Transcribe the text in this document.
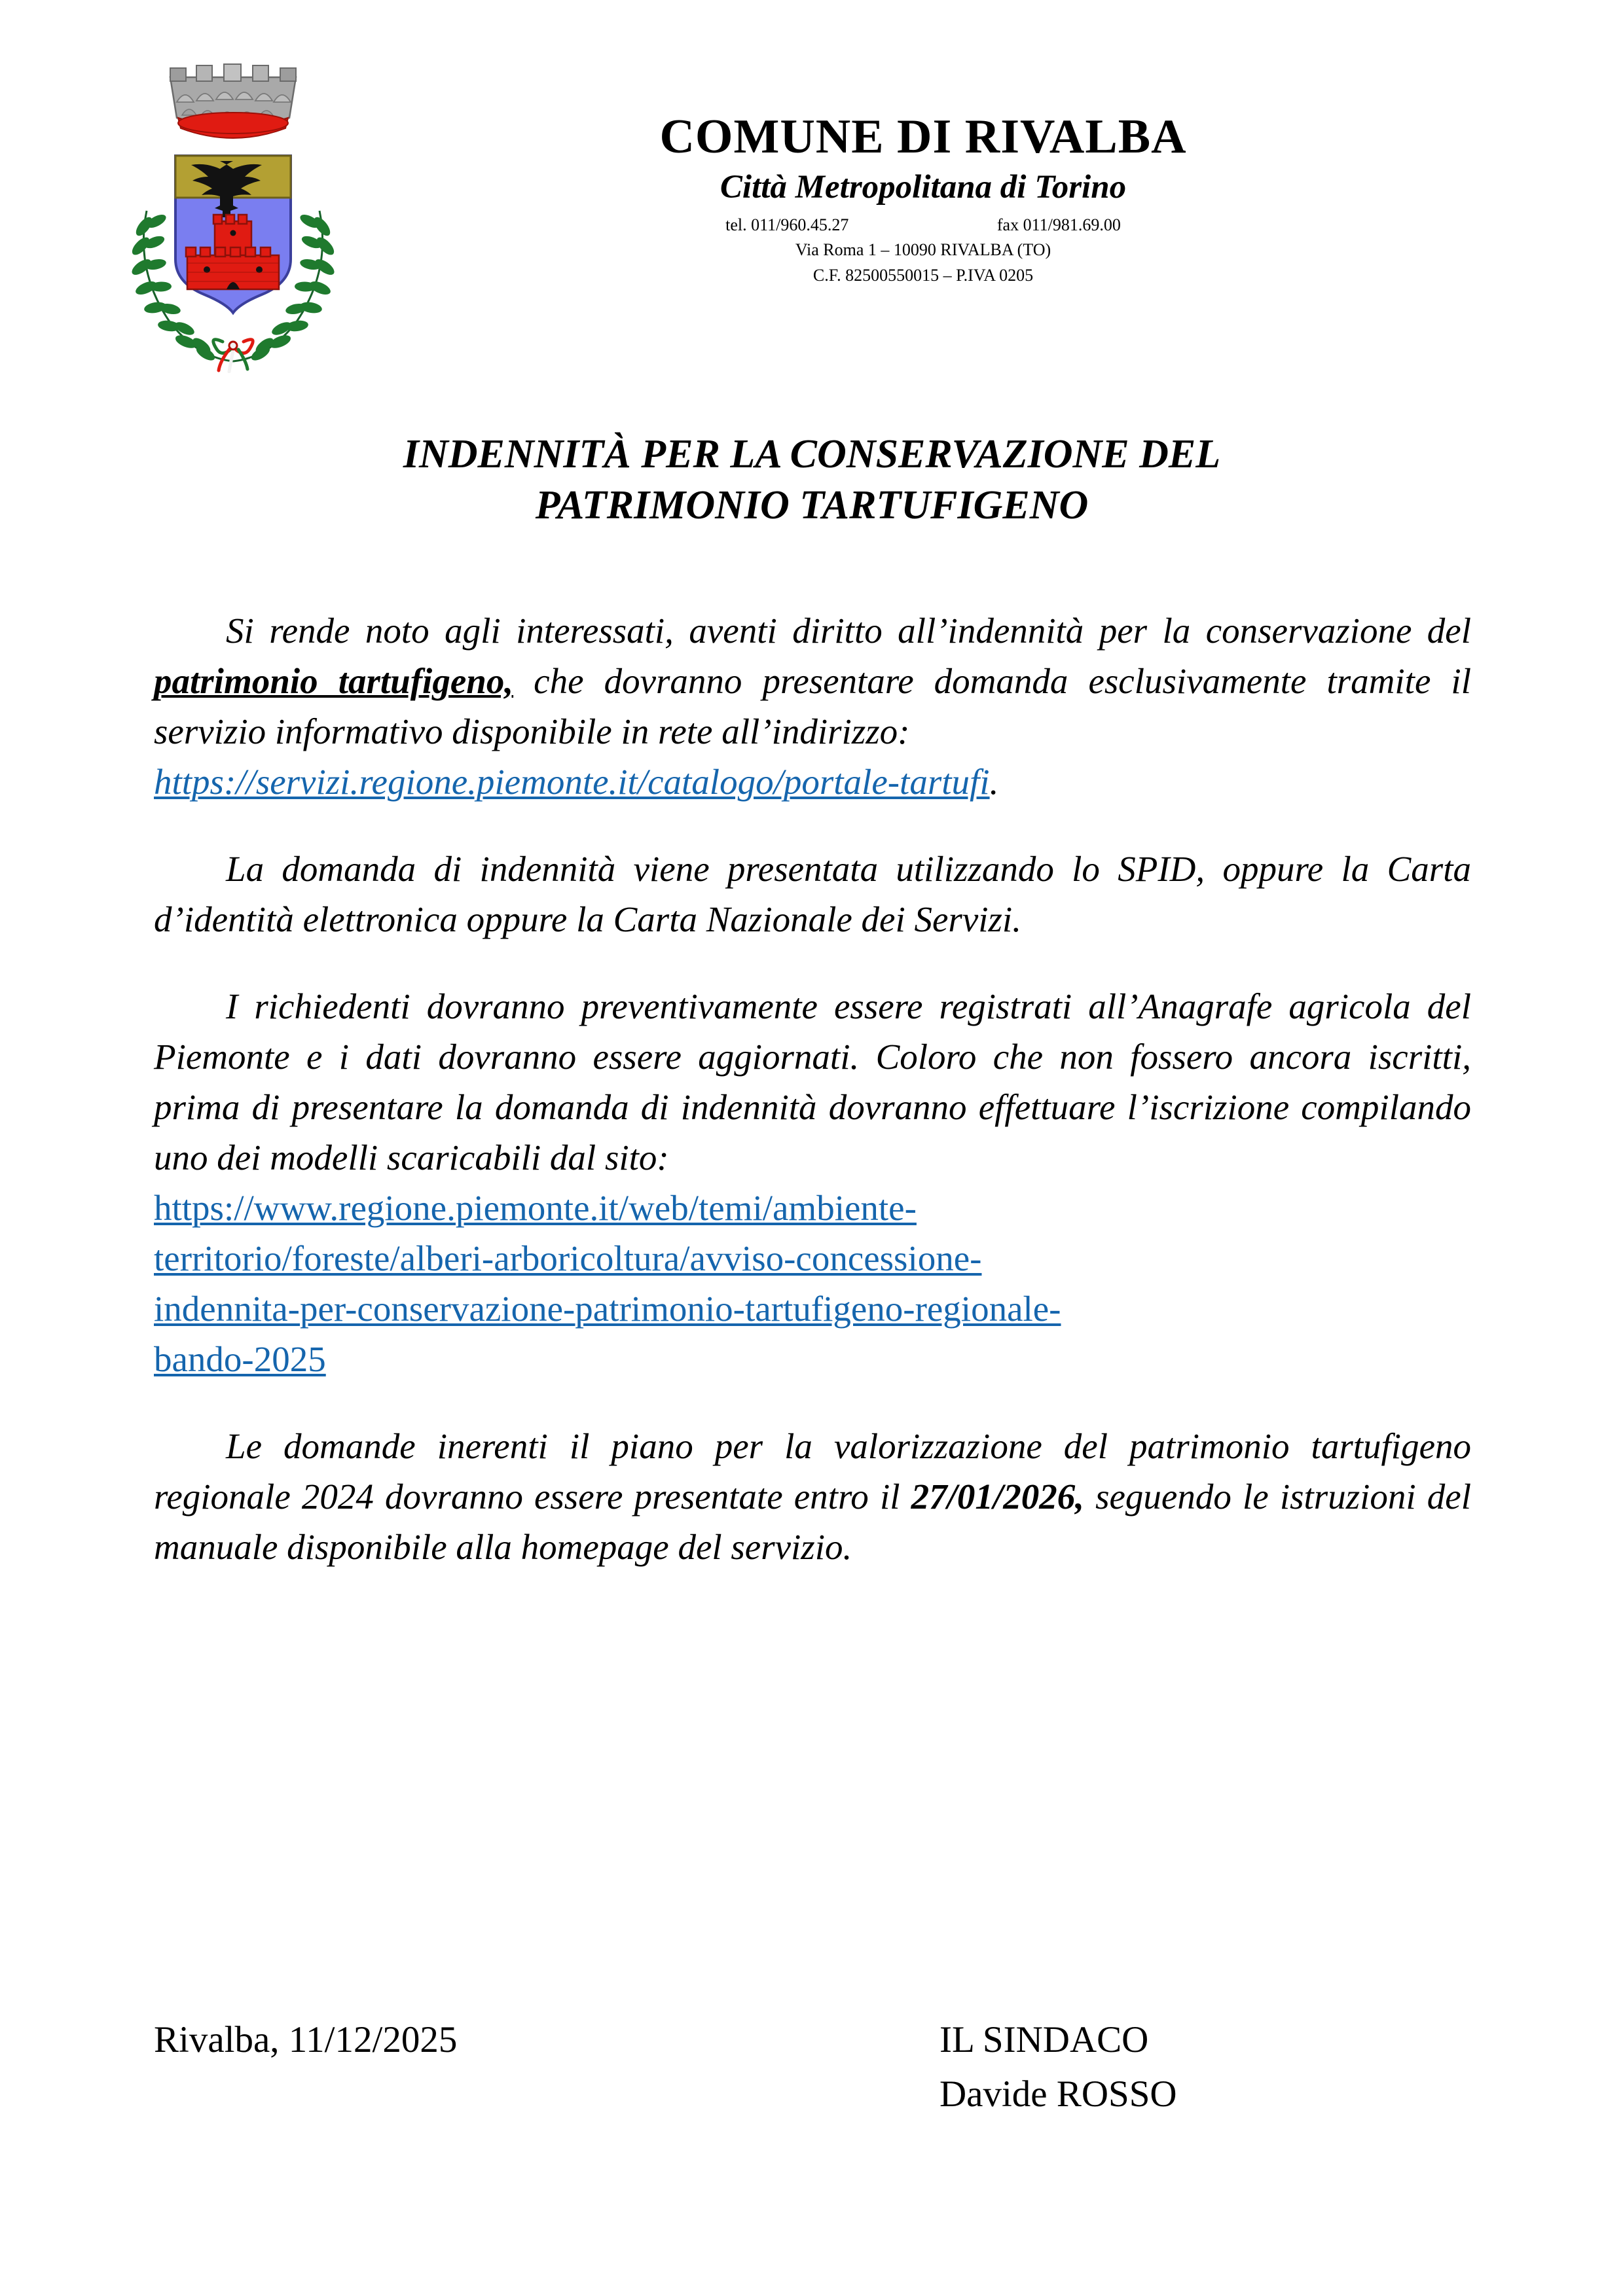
COMUNE DI RIVALBA
Città Metropolitana di Torino
tel. 011/960.45.27	fax 011/981.69.00
Via Roma 1 – 10090 RIVALBA (TO)
C.F. 82500550015 – P.IVA 0205
INDENNITÀ PER LA CONSERVAZIONE DEL
PATRIMONIO TARTUFIGENO

Si rende noto agli interessati, aventi diritto all’indennità per la conservazione del patrimonio tartufigeno, che dovranno presentare domanda esclusivamente tramite il servizio informativo disponibile in rete all’indirizzo:

https://servizi.regione.piemonte.it/catalogo/portale-tartufi.

La domanda di indennità viene presentata utilizzando lo SPID, oppure la Carta d’identità elettronica oppure la Carta Nazionale dei Servizi.

I richiedenti dovranno preventivamente essere registrati all’Anagrafe agricola del Piemonte e i dati dovranno essere aggiornati. Coloro che non fossero ancora iscritti, prima di presentare la domanda di indennità dovranno effettuare l’iscrizione compilando uno dei modelli scaricabili dal sito:

https://www.regione.piemonte.it/web/temi/ambiente-
territorio/foreste/alberi-arboricoltura/avviso-concessione-
indennita-per-conservazione-patrimonio-tartufigeno-regionale-
bando-2025

Le domande inerenti il piano per la valorizzazione del patrimonio tartufigeno regionale 2024 dovranno essere presentate entro il 27/01/2026, seguendo le istruzioni del manuale disponibile alla homepage del servizio.

Rivalba, 11/12/2025	IL SINDACO
Davide ROSSO
